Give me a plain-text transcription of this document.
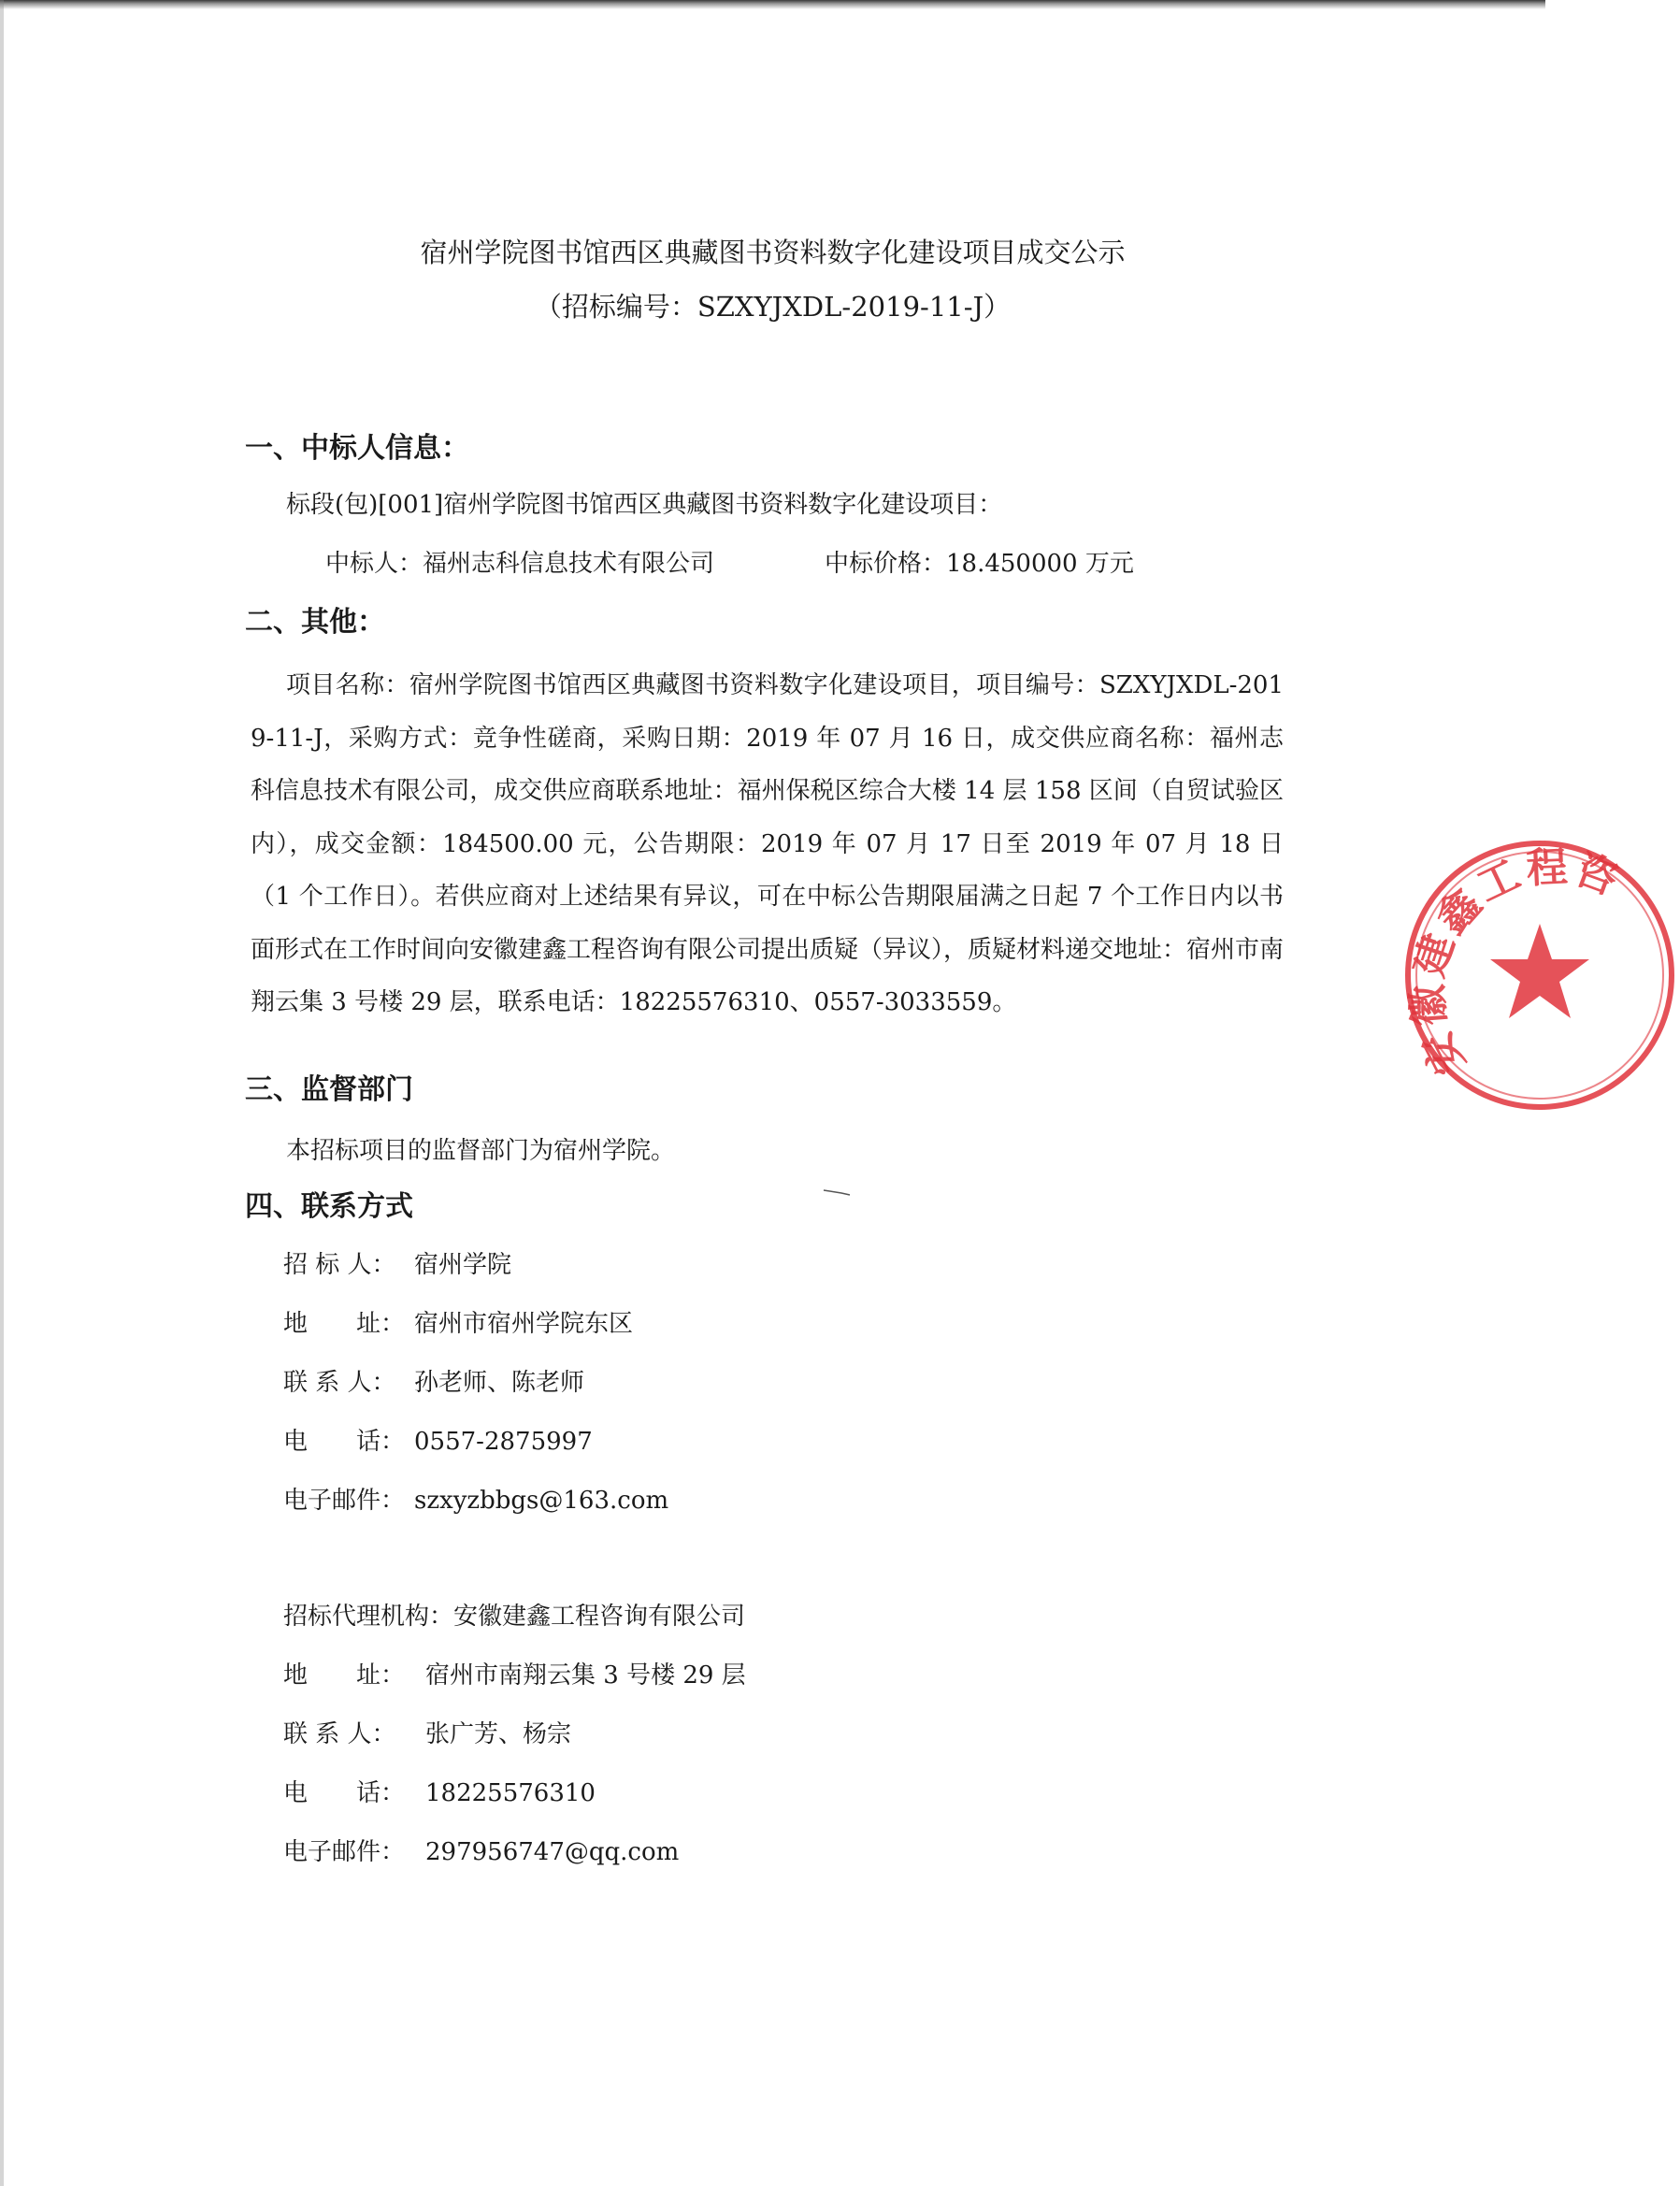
宿州学院图书馆西区典藏图书资料数字化建设项目成交公示
（招标编号：SZXYJXDL-2019-11-J）
一、中标人信息：
标段(包)[001]宿州学院图书馆西区典藏图书资料数字化建设项目：
中标人：福州志科信息技术有限公司	中标价格：18.450000 万元
二、其他：
项目名称：宿州学院图书馆西区典藏图书资料数字化建设项目，项目编号：SZXYJXDL-2019-11-J，采购方式：竞争性磋商，采购日期：2019 年 07 月 16 日，成交供应商名称：福州志科信息技术有限公司，成交供应商联系地址：福州保税区综合大楼 14 层 158 区间（自贸试验区内），成交金额：184500.00 元，公告期限：2019 年 07 月 17 日至 2019 年 07 月 18 日（1 个工作日）。若供应商对上述结果有异议，可在中标公告期限届满之日起 7 个工作日内以书面形式在工作时间向安徽建鑫工程咨询有限公司提出质疑（异议），质疑材料递交地址：宿州市南翔云集 3 号楼 29 层，联系电话：18225576310、0557-3033559。
三、监督部门
本招标项目的监督部门为宿州学院。
四、联系方式
招 标 人： 宿州学院
地　　址： 宿州市宿州学院东区
联 系 人： 孙老师、陈老师
电　　话： 0557-2875997
电子邮件： szxyzbbgs@163.com
招标代理机构：安徽建鑫工程咨询有限公司
地　　址： 宿州市南翔云集 3 号楼 29 层
联 系 人： 张广芳、杨宗
电　　话： 18225576310
电子邮件： 297956747@qq.com
安徽建鑫工程咨
